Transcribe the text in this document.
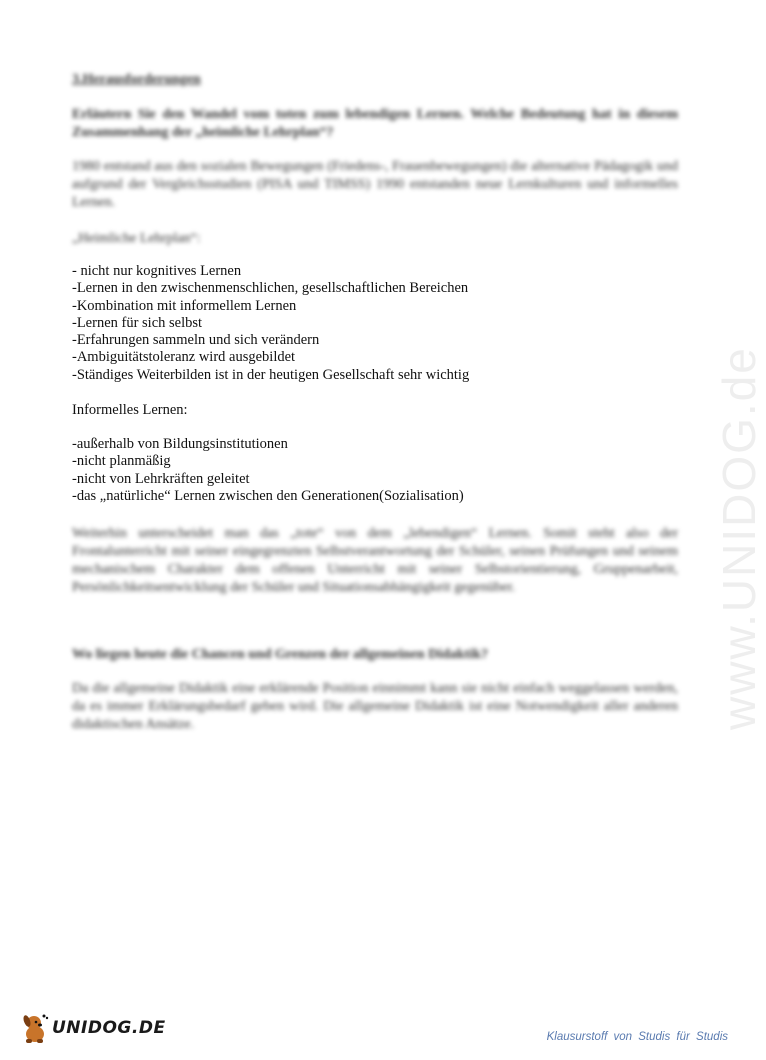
3.Herausforderungen
Erläutern Sie den Wandel vom toten zum lebendigen Lernen. Welche Bedeutung hat in diesem Zusammenhang der „heimliche Lehrplan“?
1980 entstand aus den sozialen Bewegungen (Friedens-, Frauenbewegungen) die alternative Pädagogik und aufgrund der Vergleichsstudien (PISA und TIMSS) 1990 entstanden neue Lernkulturen und informelles Lernen.
„Heimliche Lehrplan“:
- nicht nur kognitives Lernen
-Lernen in den zwischenmenschlichen, gesellschaftlichen Bereichen
-Kombination mit informellem Lernen
-Lernen für sich selbst
-Erfahrungen sammeln und sich verändern
-Ambiguitätstoleranz wird ausgebildet
-Ständiges Weiterbilden ist in der heutigen Gesellschaft sehr wichtig
Informelles Lernen:
-außerhalb von Bildungsinstitutionen
-nicht planmäßig
-nicht von Lehrkräften geleitet
-das „natürliche“ Lernen zwischen den Generationen(Sozialisation)
Weiterhin unterscheidet man das „tote“ von dem „lebendigen“ Lernen. Somit steht also der Frontalunterricht mit seiner eingegrenzten Selbstverantwortung der Schüler, seinen Prüfungen und seinem mechanischem Charakter dem offenen Unterricht mit seiner Selbstorientierung, Gruppenarbeit, Persönlichkeitsentwicklung der Schüler und Situationsabhängigkeit gegenüber.
Wo liegen heute die Chancen und Grenzen der allgemeinen Didaktik?
Da die allgemeine Didaktik eine erklärende Position einnimmt kann sie nicht einfach weggelassen werden, da es immer Erklärungsbedarf geben wird. Die allgemeine Didaktik ist eine Notwendigkeit aller anderen didaktischen Ansätze.	www.UNIDOG.de
UNIDOG.DE	Klausurstoff von Studis für Studis
